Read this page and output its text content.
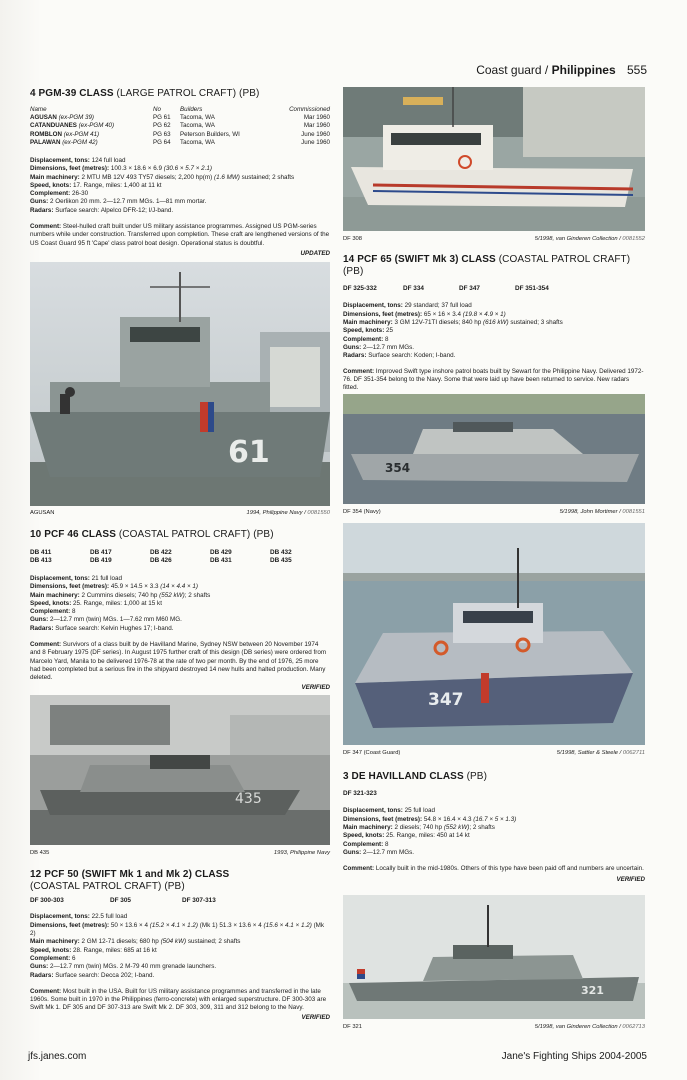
Coast guard / Philippines 555
4 PGM-39 CLASS (LARGE PATROL CRAFT) (PB)
Name	No	Builders	Commissioned
AGUSAN (ex-PGM 39)	PG 61	Tacoma, WA	Mar 1960
CATANDUANES (ex-PGM 40)	PG 62	Tacoma, WA	Mar 1960
ROMBLON (ex-PGM 41)	PG 63	Peterson Builders, WI	June 1960
PALAWAN (ex-PGM 42)	PG 64	Tacoma, WA	June 1960
Displacement, tons: 124 full load
Dimensions, feet (metres): 100.3 × 18.6 × 6.9 (30.6 × 5.7 × 2.1)
Main machinery: 2 MTU MB 12V 493 TY57 diesels; 2,200 hp(m) (1.6 MW) sustained; 2 shafts
Speed, knots: 17. Range, miles: 1,400 at 11 kt
Complement: 26-30
Guns: 2 Oerlikon 20 mm. 2—12.7 mm MGs. 1—81 mm mortar.
Radars: Surface search: Alpelco DFR-12; I/J-band.
Comment: Steel-hulled craft built under US military assistance programmes. Assigned US PGM-series numbers while under construction. Transferred upon completion. These craft are lengthened versions of the US Coast Guard 95 ft 'Cape' class patrol boat design. Operational status is doubtful.
UPDATED
61
AGUSAN	1994, Philippine Navy / 0081550
10 PCF 46 CLASS (COASTAL PATROL CRAFT) (PB)
DB 411	DB 417	DB 422	DB 429	DB 432
DB 413	DB 419	DB 426	DB 431	DB 435
Displacement, tons: 21 full load
Dimensions, feet (metres): 45.9 × 14.5 × 3.3 (14 × 4.4 × 1)
Main machinery: 2 Cummins diesels; 740 hp (552 kW); 2 shafts
Speed, knots: 25. Range, miles: 1,000 at 15 kt
Complement: 8
Guns: 2—12.7 mm (twin) MGs. 1—7.62 mm M60 MG.
Radars: Surface search: Kelvin Hughes 17; I-band.
Comment: Survivors of a class built by de Havilland Marine, Sydney NSW between 20 November 1974 and 8 February 1975 (DF series). In August 1975 further craft of this design (DB series) were ordered from Marcelo Yard, Manila to be delivered 1976-78 at the rate of two per month. By the end of 1976, 25 more had been completed but a serious fire in the shipyard destroyed 14 new hulls and halted production. Many deleted.
VERIFIED
435
DB 435	1993, Philippine Navy
12 PCF 50 (SWIFT Mk 1 and Mk 2) CLASS
(COASTAL PATROL CRAFT) (PB)
DF 300-303	DF 305	DF 307-313
Displacement, tons: 22.5 full load
Dimensions, feet (metres): 50 × 13.6 × 4 (15.2 × 4.1 × 1.2) (Mk 1) 51.3 × 13.6 × 4 (15.6 × 4.1 × 1.2) (Mk 2)
Main machinery: 2 GM 12-71 diesels; 680 hp (504 kW) sustained; 2 shafts
Speed, knots: 28. Range, miles: 685 at 16 kt
Complement: 6
Guns: 2—12.7 mm (twin) MGs. 2 M-79 40 mm grenade launchers.
Radars: Surface search: Decca 202; I-band.
Comment: Most built in the USA. Built for US military assistance programmes and transferred in the late 1960s. Some built in 1970 in the Philippines (ferro-concrete) with enlarged superstructure. DF 300-303 are Swift Mk 1. DF 305 and DF 307-313 are Swift Mk 2. DF 303, 309, 311 and 312 belong to the Navy.
VERIFIED
DF 308	5/1998, van Ginderen Collection / 0081552
14 PCF 65 (SWIFT Mk 3) CLASS (COASTAL PATROL CRAFT) (PB)
DF 325-332	DF 334	DF 347	DF 351-354
Displacement, tons: 29 standard; 37 full load
Dimensions, feet (metres): 65 × 16 × 3.4 (19.8 × 4.9 × 1)
Main machinery: 3 GM 12V-71TI diesels; 840 hp (616 kW) sustained; 3 shafts
Speed, knots: 25
Complement: 8
Guns: 2—12.7 mm MGs.
Radars: Surface search: Koden; I-band.
Comment: Improved Swift type inshore patrol boats built by Sewart for the Philippine Navy. Delivered 1972-76. DF 351-354 belong to the Navy. Some that were laid up have been returned to service. New radars fitted.
354
DF 354 (Navy)	5/1998, John Mortimer / 0081551
347
DF 347 (Coast Guard)	5/1998, Sattler & Steele / 0062711
3 DE HAVILLAND CLASS (PB)
DF 321-323
Displacement, tons: 25 full load
Dimensions, feet (metres): 54.8 × 16.4 × 4.3 (16.7 × 5 × 1.3)
Main machinery: 2 diesels; 740 hp (552 kW); 2 shafts
Speed, knots: 25. Range, miles: 450 at 14 kt
Complement: 8
Guns: 2—12.7 mm MGs.
Comment: Locally built in the mid-1980s. Others of this type have been paid off and numbers are uncertain.
VERIFIED
321
DF 321	5/1998, van Ginderen Collection / 0062713
jfs.janes.com	Jane's Fighting Ships 2004-2005
